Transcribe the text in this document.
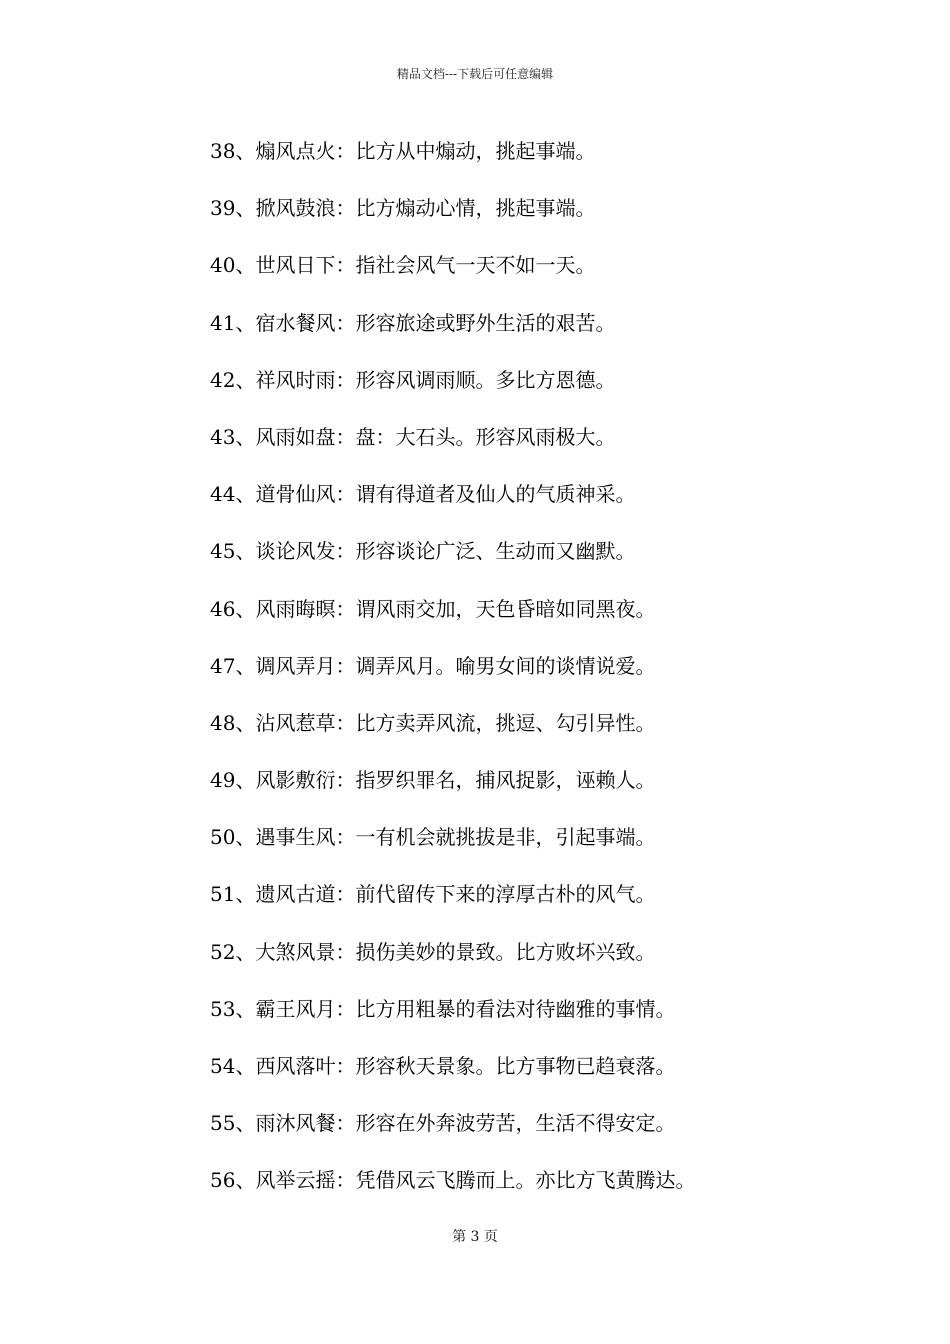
精品文档---下载后可任意编辑
38、煽风点火：比方从中煽动，挑起事端。
39、掀风鼓浪：比方煽动心情，挑起事端。
40、世风日下：指社会风气一天不如一天。
41、宿水餐风：形容旅途或野外生活的艰苦。
42、祥风时雨：形容风调雨顺。多比方恩德。
43、风雨如盘：盘：大石头。形容风雨极大。
44、道骨仙风：谓有得道者及仙人的气质神采。
45、谈论风发：形容谈论广泛、生动而又幽默。
46、风雨晦暝：谓风雨交加，天色昏暗如同黑夜。
47、调风弄月：调弄风月。喻男女间的谈情说爱。
48、沾风惹草：比方卖弄风流，挑逗、勾引异性。
49、风影敷衍：指罗织罪名，捕风捉影，诬赖人。
50、遇事生风：一有机会就挑拔是非，引起事端。
51、遗风古道：前代留传下来的淳厚古朴的风气。
52、大煞风景：损伤美妙的景致。比方败坏兴致。
53、霸王风月：比方用粗暴的看法对待幽雅的事情。
54、西风落叶：形容秋天景象。比方事物已趋衰落。
55、雨沐风餐：形容在外奔波劳苦，生活不得安定。
56、风举云摇：凭借风云飞腾而上。亦比方飞黄腾达。
第 3 页
